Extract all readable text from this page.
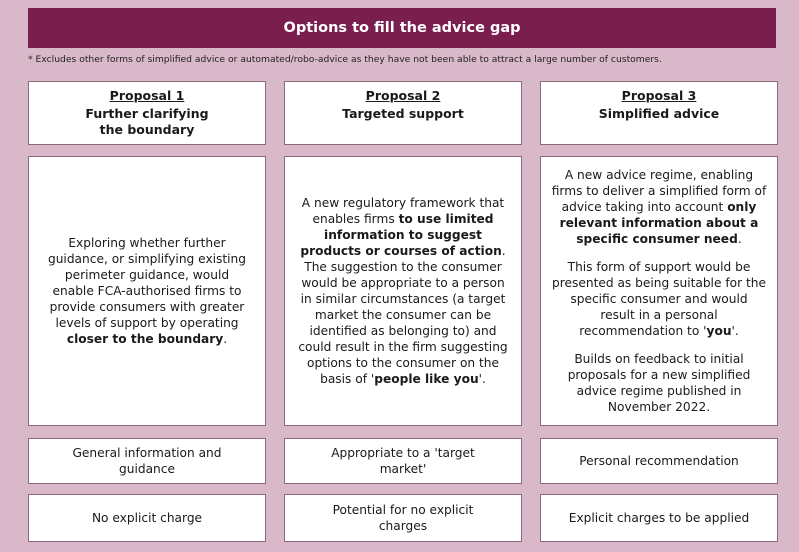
Options to fill the advice gap
* Excludes other forms of simplified advice or automated/robo-advice as they have not been able to attract a large number of customers.
Proposal 1
Further clarifying the boundary
Proposal 2
Targeted support
Proposal 3
Simplified advice

Exploring whether further guidance, or simplifying existing perimeter guidance, would enable FCA-authorised firms to provide consumers with greater levels of support by operating closer to the boundary.

A new regulatory framework that enables firms to use limited information to suggest products or courses of action. The suggestion to the consumer would be appropriate to a person in similar circumstances (a target market the consumer can be identified as belonging to) and could result in the firm suggesting options to the consumer on the basis of 'people like you'.

A new advice regime, enabling firms to deliver a simplified form of advice taking into account only relevant information about a specific consumer need.

This form of support would be presented as being suitable for the specific consumer and would result in a personal recommendation to 'you'.

Builds on feedback to initial proposals for a new simplified advice regime published in November 2022.

General information and guidance
Appropriate to a 'target market'
Personal recommendation
No explicit charge
Potential for no explicit charges
Explicit charges to be applied
